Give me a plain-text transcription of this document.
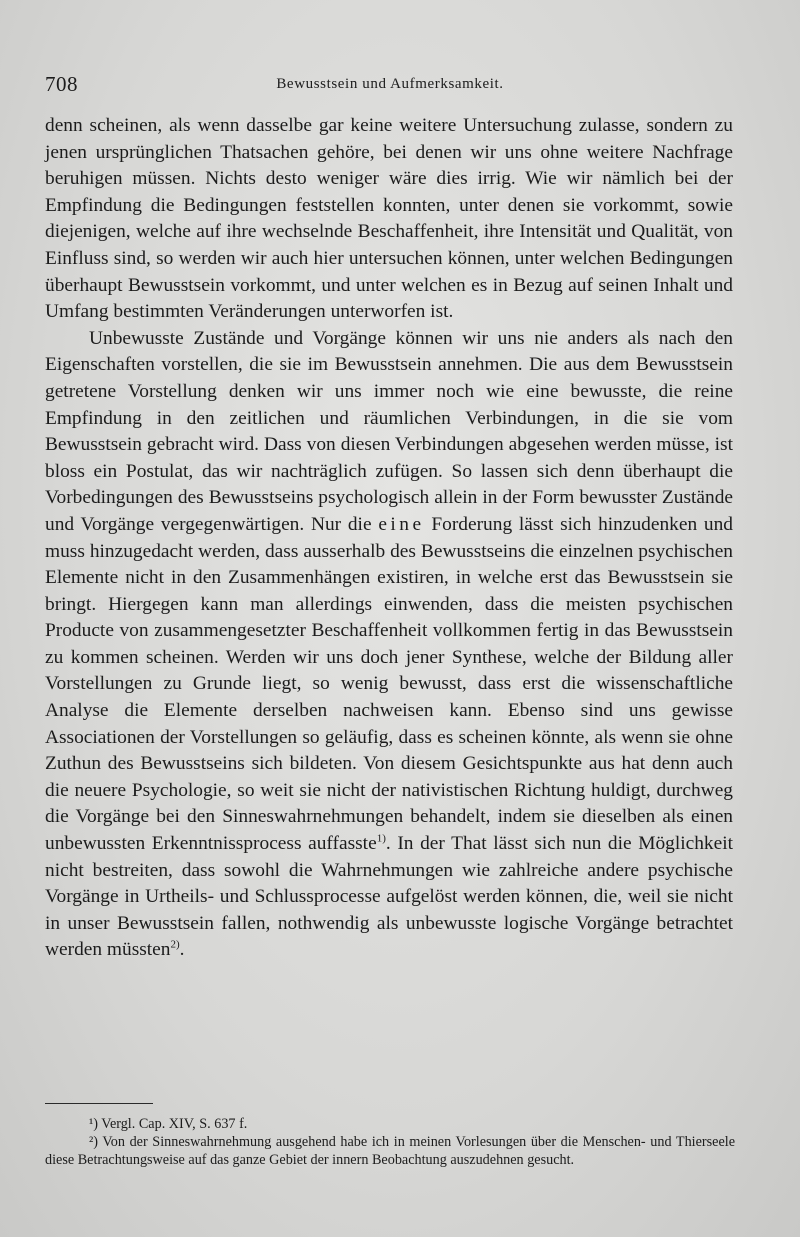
708	Bewusstsein und Aufmerksamkeit.

denn scheinen, als wenn dasselbe gar keine weitere Untersuchung zulasse, sondern zu jenen ursprünglichen Thatsachen gehöre, bei denen wir uns ohne weitere Nachfrage beruhigen müssen. Nichts desto weniger wäre dies irrig. Wie wir nämlich bei der Empfindung die Bedingungen feststellen konnten, unter denen sie vorkommt, sowie diejenigen, welche auf ihre wechselnde Beschaffenheit, ihre Intensität und Qualität, von Einfluss sind, so werden wir auch hier untersuchen können, unter welchen Bedingungen überhaupt Bewusstsein vorkommt, und unter welchen es in Bezug auf seinen Inhalt und Umfang bestimmten Veränderungen unterworfen ist.

Unbewusste Zustände und Vorgänge können wir uns nie anders als nach den Eigenschaften vorstellen, die sie im Bewusstsein annehmen. Die aus dem Bewusstsein getretene Vorstellung denken wir uns immer noch wie eine bewusste, die reine Empfindung in den zeitlichen und räumlichen Verbindungen, in die sie vom Bewusstsein gebracht wird. Dass von diesen Verbindungen abgesehen werden müsse, ist bloss ein Postulat, das wir nachträglich zufügen. So lassen sich denn überhaupt die Vorbedingungen des Bewusstseins psychologisch allein in der Form bewusster Zustände und Vorgänge vergegenwärtigen. Nur die eine Forderung lässt sich hinzudenken und muss hinzugedacht werden, dass ausserhalb des Bewusstseins die einzelnen psychischen Elemente nicht in den Zusammenhängen existiren, in welche erst das Bewusstsein sie bringt. Hiergegen kann man allerdings einwenden, dass die meisten psychischen Producte von zusammengesetzter Beschaffenheit vollkommen fertig in das Bewusstsein zu kommen scheinen. Werden wir uns doch jener Synthese, welche der Bildung aller Vorstellungen zu Grunde liegt, so wenig bewusst, dass erst die wissenschaftliche Analyse die Elemente derselben nachweisen kann. Ebenso sind uns gewisse Associationen der Vorstellungen so geläufig, dass es scheinen könnte, als wenn sie ohne Zuthun des Bewusstseins sich bildeten. Von diesem Gesichtspunkte aus hat denn auch die neuere Psychologie, so weit sie nicht der nativistischen Richtung huldigt, durchweg die Vorgänge bei den Sinneswahrnehmungen behandelt, indem sie dieselben als einen unbewussten Erkenntnissprocess auffasste$^{1)}$. In der That lässt sich nun die Möglichkeit nicht bestreiten, dass sowohl die Wahrnehmungen wie zahlreiche andere psychische Vorgänge in Urtheils- und Schlussprocesse aufgelöst werden können, die, weil sie nicht in unser Bewusstsein fallen, nothwendig als unbewusste logische Vorgänge betrachtet werden müssten$^{2)}$.

¹) Vergl. Cap. XIV, S. 637 f.

²) Von der Sinneswahrnehmung ausgehend habe ich in meinen Vorlesungen über die Menschen- und Thierseele diese Betrachtungsweise auf das ganze Gebiet der innern Beobachtung auszudehnen gesucht.
